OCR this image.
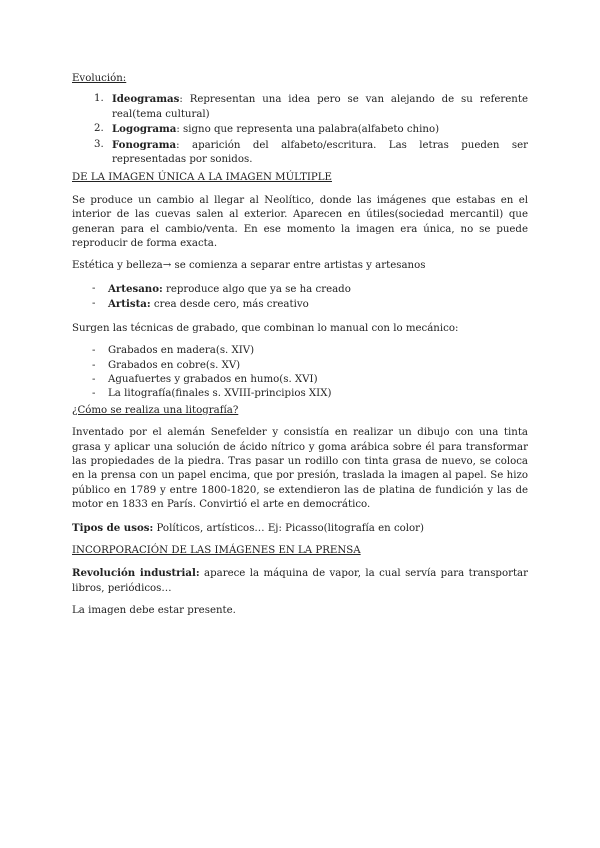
Evolución:

1. Ideogramas: Representan una idea pero se van alejando de su referente real(tema cultural)
2. Logograma: signo que representa una palabra(alfabeto chino)
3. Fonograma: aparición del alfabeto/escritura. Las letras pueden ser representadas por sonidos.

DE LA IMAGEN ÚNICA A LA IMAGEN MÚLTIPLE

Se produce un cambio al llegar al Neolítico, donde las imágenes que estabas en el interior de las cuevas salen al exterior. Aparecen en útiles(sociedad mercantil) que generan para el cambio/venta. En ese momento la imagen era única, no se puede reproducir de forma exacta.

Estética y belleza→ se comienza a separar entre artistas y artesanos

- Artesano: reproduce algo que ya se ha creado
- Artista: crea desde cero, más creativo

Surgen las técnicas de grabado, que combinan lo manual con lo mecánico:

- Grabados en madera(s. XIV)
- Grabados en cobre(s. XV)
- Aguafuertes y grabados en humo(s. XVI)
- La litografía(finales s. XVIII-principios XIX)

¿Cómo se realiza una litografía?

Inventado por el alemán Senefelder y consistía en realizar un dibujo con una tinta grasa y aplicar una solución de ácido nítrico y goma arábica sobre él para transformar las propiedades de la piedra. Tras pasar un rodillo con tinta grasa de nuevo, se coloca en la prensa con un papel encima, que por presión, traslada la imagen al papel. Se hizo público en 1789 y entre 1800-1820, se extendieron las de platina de fundición y las de motor en 1833 en París. Convirtió el arte en democrático.

Tipos de usos: Políticos, artísticos… Ej: Picasso(litografía en color)

INCORPORACIÓN DE LAS IMÁGENES EN LA PRENSA

Revolución industrial: aparece la máquina de vapor, la cual servía para transportar libros, periódicos…

La imagen debe estar presente.
